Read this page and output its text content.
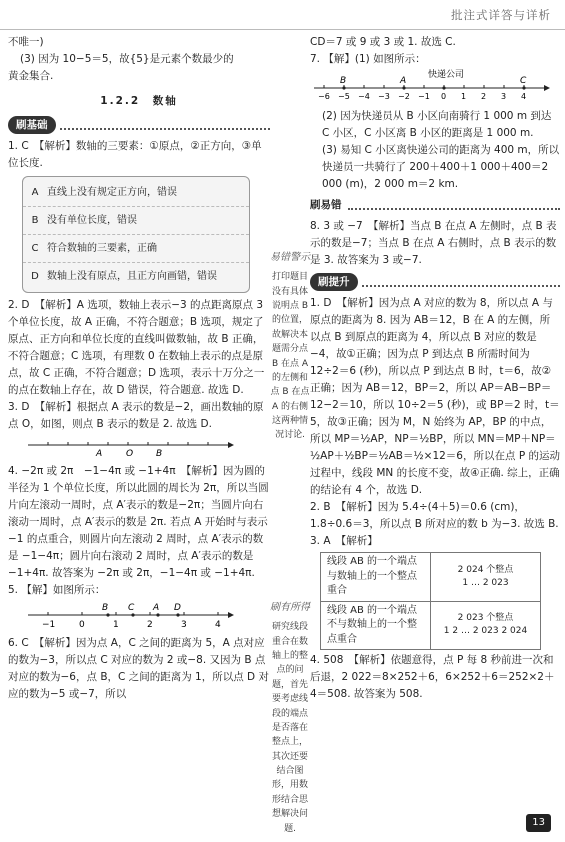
批注式详答与详析

不唯一)

(3) 因为 10−5＝5，故{5}是元素个数最少的

黄金集合.

1.2.2　数轴
刷基础

1. C　【解析】数轴的三要素：①原点，②正方向，③单位长度.

A 直线上没有规定正方向，错误
B 没有单位长度，错误
C 符合数轴的三要素，正确
D 数轴上没有原点，且正方向画错，错误

2. D　【解析】A 选项，数轴上表示−3 的点距离原点 3 个单位长度，故 A 正确，不符合题意；B 选项，规定了原点、正方向和单位长度的直线叫做数轴，故 B 正确，不符合题意；C 选项，有理数 0 在数轴上表示的点是原点，故 C 正确，不符合题意；D 选项，表示十万分之一的点在数轴上存在，故 D 错误，符合题意. 故选 D.

3. D　【解析】根据点 A 表示的数是−2，画出数轴的原点 O，如图，则点 B 表示的数是 2. 故选 D.

A	O	B

4. −2π 或 2π　−1−4π 或 −1+4π　【解析】因为圆的半径为 1 个单位长度，所以此圆的周长为 2π，所以当圆片向左滚动一周时，点 A′表示的数是−2π；当圆片向右滚动一周时，点 A′表示的数是 2π. 若点 A 开始时与表示−1 的点重合，则圆片向左滚动 2 周时，点 A′表示的数是 −1−4π；圆片向右滚动 2 周时，点 A′表示的数是 −1+4π. 故答案为 −2π 或 2π，−1−4π 或 −1+4π.

5. 【解】如图所示：

B C A D
−1	0	1	2	3	4

6. C　【解析】因为点 A，C 之间的距离为 5，A 点对应的数为−3，所以点 C 对应的数为 2 或−8. 又因为 B 点对应的数为−6，点 B，C 之间的距离为 1，所以点 D 对应的数为−5 或−7，所以

易错警示
打印题目没有具体说明点 B 的位置，故解决本题需分点 B 在点 A 的左侧和点 B 在点 A 的右侧这两种情况讨论.
刷有所得
研究线段重合在数轴上的整点的问题，首先要考虑线段的端点是否落在整点上，其次还要结合图形，用数形结合思想解决问题.

CD＝7 或 9 或 3 或 1. 故选 C.

7. 【解】(1) 如图所示：

快递公司
B	A	C
−6 −5 −4 −3 −2 −1 0 1 2 3 4

(2) 因为快递员从 B 小区向南骑行 1 000 m 到达 C 小区，C 小区离 B 小区的距离是 1 000 m.

(3) 易知 C 小区离快递公司的距离为 400 m，所以快递员一共骑行了 200＋400＋1 000＋400＝2 000 (m)，2 000 m＝2 km.

刷易错

8. 3 或 −7　【解析】当点 B 在点 A 左侧时，点 B 表示的数是−7；当点 B 在点 A 右侧时，点 B 表示的数是 3. 故答案为 3 或−7.

刷提升

1. D　【解析】因为点 A 对应的数为 8，所以点 A 与原点的距离为 8. 因为 AB＝12，B 在 A 的左侧，所以点 B 到原点的距离为 4，所以点 B 对应的数是−4，故①正确；因为点 P 到达点 B 所需时间为 12÷2＝6 (秒)，所以点 P 到达点 B 时，t＝6，故②正确；因为 AB＝12，BP＝2，所以 AP＝AB−BP＝12−2＝10，所以 10÷2＝5 (秒)，或 BP＝2 时，t＝5，故③正确；因为 M，N 始终为 AP，BP 的中点，所以 MP＝½AP，NP＝½BP，所以 MN＝MP＋NP＝½AP＋½BP＝½AB＝½×12＝6，所以在点 P 的运动过程中，线段 MN 的长度不变，故④正确. 综上，正确的结论有 4 个，故选 D.

2. B　【解析】因为 5.4÷(4＋5)＝0.6 (cm)，1.8÷0.6＝3，所以点 B 所对应的数 b 为−3. 故选 B.

3. A　【解析】

线段 AB 的一个端点与数轴上的一个整点重合	2 024 个整点
1 … 2 023

线段 AB 的一个端点不与数轴上的一个整点重合	2 023 个整点
1 2 … 2 023 2 024

4. 508　【解析】依题意得，点 P 每 8 秒前进一次和后退，2 022＝8×252＋6，6×252＋6＝252×2＋4＝508. 故答案为 508.

13
